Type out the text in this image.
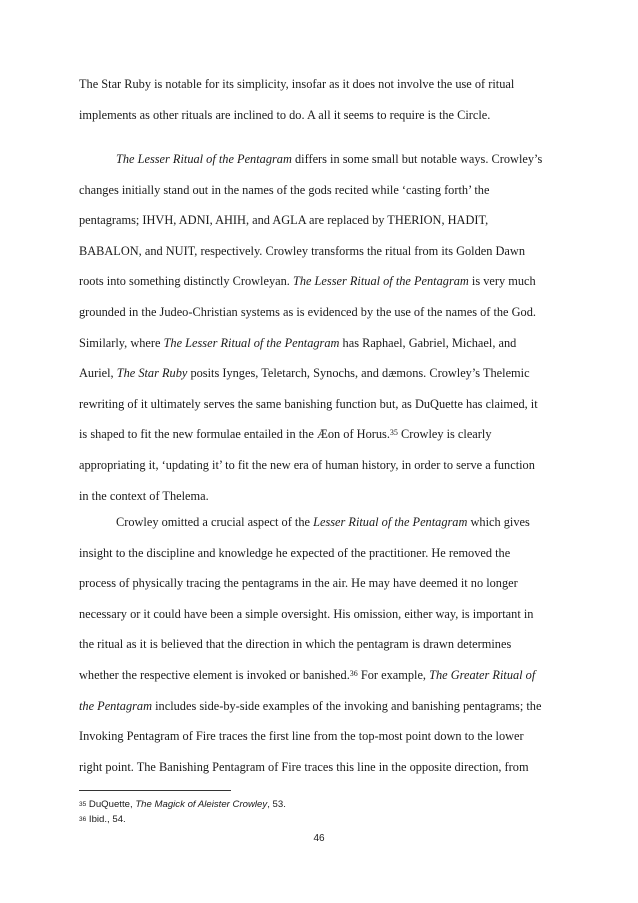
The Star Ruby is notable for its simplicity, insofar as it does not involve the use of ritual
implements as other rituals are inclined to do. A all it seems to require is the Circle.
The Lesser Ritual of the Pentagram differs in some small but notable ways. Crowley’s
changes initially stand out in the names of the gods recited while ‘casting forth’ the
pentagrams; IHVH, ADNI, AHIH, and AGLA are replaced by THERION, HADIT,
BABALON, and NUIT, respectively. Crowley transforms the ritual from its Golden Dawn
roots into something distinctly Crowleyan. The Lesser Ritual of the Pentagram is very much
grounded in the Judeo-Christian systems as is evidenced by the use of the names of the God.
Similarly, where The Lesser Ritual of the Pentagram has Raphael, Gabriel, Michael, and
Auriel, The Star Ruby posits Iynges, Teletarch, Synochs, and dæmons. Crowley’s Thelemic
rewriting of it ultimately serves the same banishing function but, as DuQuette has claimed, it
is shaped to fit the new formulae entailed in the Æon of Horus.$^{35}$ Crowley is clearly
appropriating it, ‘updating it’ to fit the new era of human history, in order to serve a function
in the context of Thelema.
Crowley omitted a crucial aspect of the Lesser Ritual of the Pentagram which gives
insight to the discipline and knowledge he expected of the practitioner. He removed the
process of physically tracing the pentagrams in the air. He may have deemed it no longer
necessary or it could have been a simple oversight. His omission, either way, is important in
the ritual as it is believed that the direction in which the pentagram is drawn determines
whether the respective element is invoked or banished.$^{36}$ For example, The Greater Ritual of
the Pentagram includes side-by-side examples of the invoking and banishing pentagrams; the
Invoking Pentagram of Fire traces the first line from the top-most point down to the lower
right point. The Banishing Pentagram of Fire traces this line in the opposite direction, from
$^{35}$ DuQuette, The Magick of Aleister Crowley, 53.
$^{36}$ Ibid., 54.
46
